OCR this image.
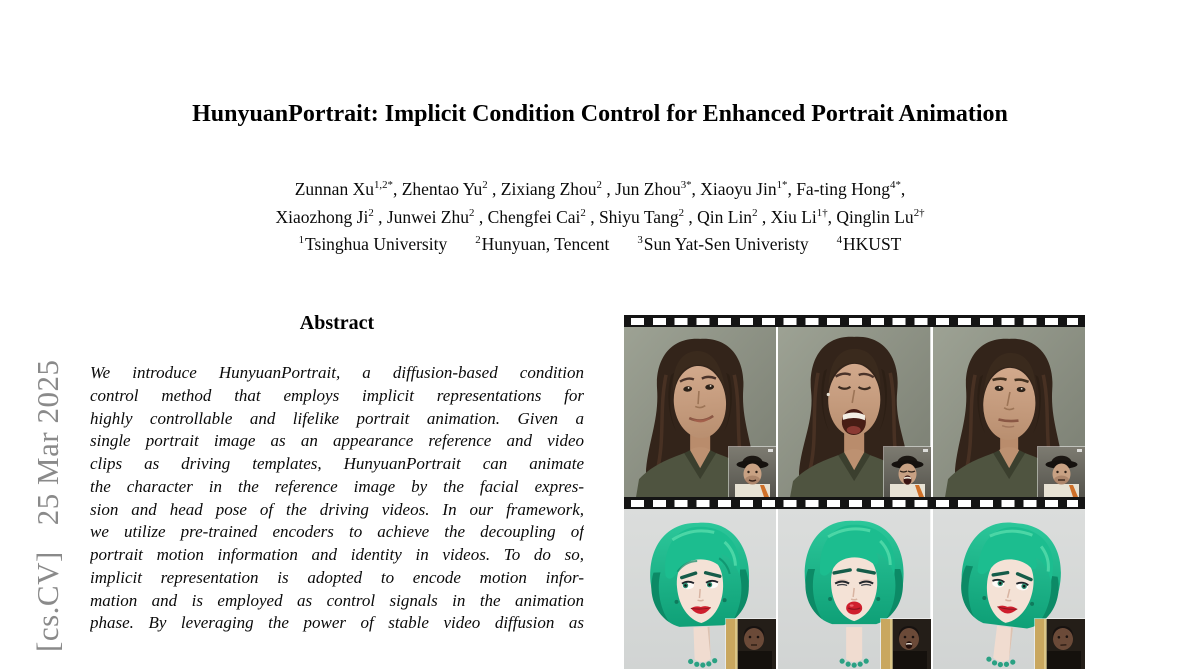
[cs.CV]25 Mar 2025
HunyuanPortrait: Implicit Condition Control for Enhanced Portrait Animation
Zunnan $Xu^{1,2*}$, Zhentao Yu$^2$ , Zixiang Zhou$^2$ , Jun Zhou$^{3*}$, Xiaoyu Jin$^{1*}$, Fa-ting Hong$^{4*}$,
Xiaozhong Ji$^2$ , Junwei Zhu$^2$ , Chengfei Cai$^2$ , Shiyu Tang$^2$ , Qin Lin$^2$ , Xiu $Li^{1\dagger}$, Qinglin $Lu^{2\dagger}$
$^1$Tsinghua University	$^2$Hunyuan, Tencent	$^3$Sun Yat-Sen Univeristy	$^4$HKUST
Abstract
We introduce HunyuanPortrait, a diffusion-based condition
control method that employs implicit representations for
highly controllable and lifelike portrait animation. Given a
single portrait image as an appearance reference and video
clips as driving templates, HunyuanPortrait can animate
the character in the reference image by the facial expres-
sion and head pose of the driving videos. In our framework,
we utilize pre-trained encoders to achieve the decoupling of
portrait motion information and identity in videos. To do so,
implicit representation is adopted to encode motion infor-
mation and is employed as control signals in the animation
phase. By leveraging the power of stable video diffusion as
